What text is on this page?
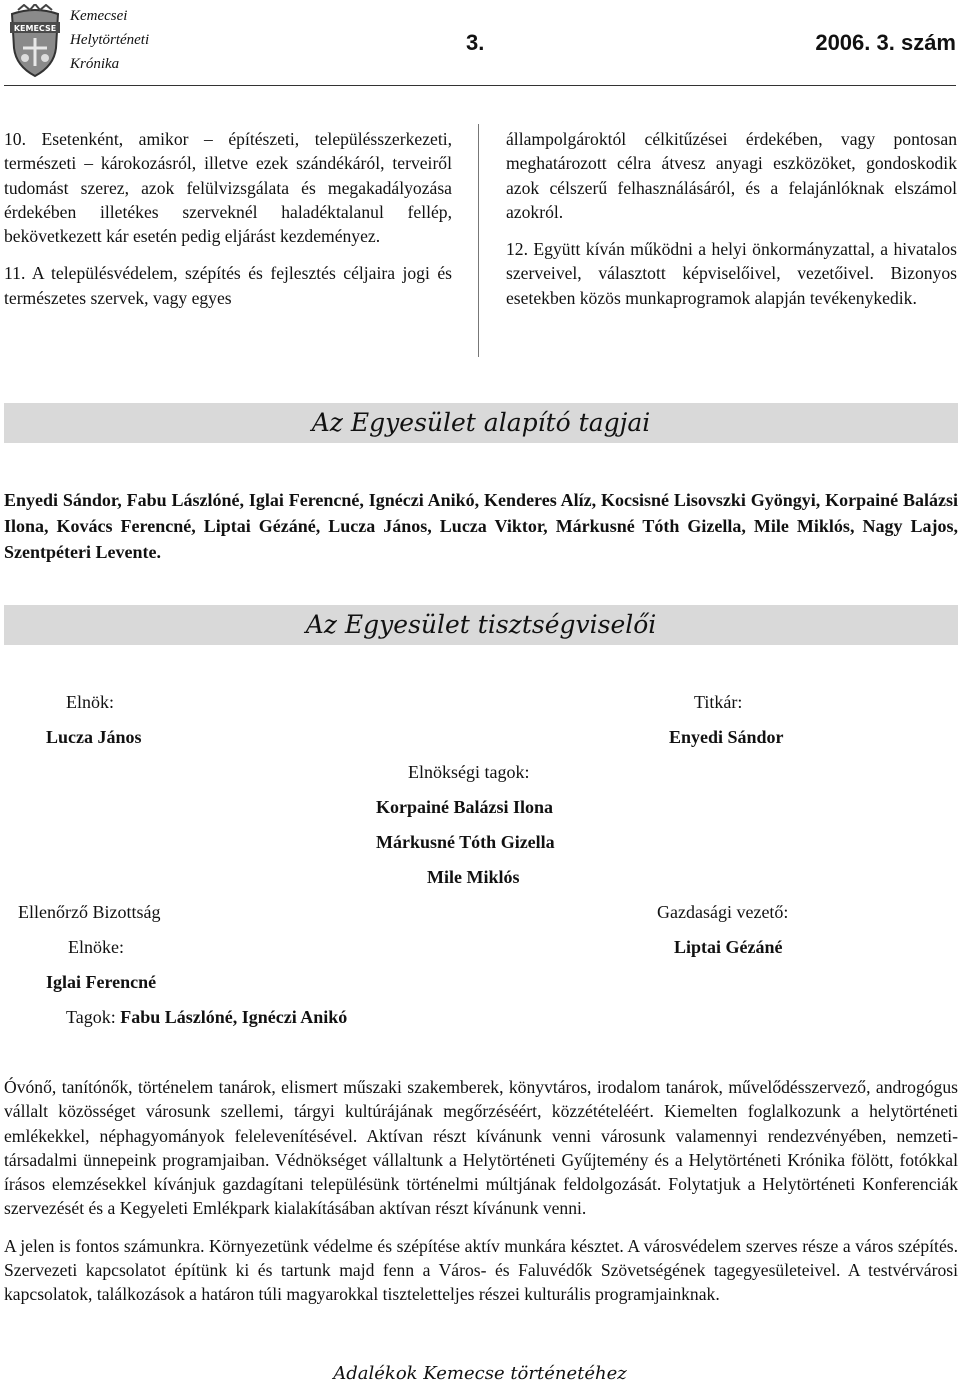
KEMECSE
Kemecsei
Helytörténeti
Krónika
3.	2006. 3. szám

10. Esetenként, amikor – építészeti, településszerkezeti, természeti – károkozásról, illetve ezek szándékáról, terveiről tudomást szerez, azok felülvizsgálata és megakadályozása érdekében illetékes szerveknél haladéktalanul fellép, bekövetkezett kár esetén pedig eljárást kezdeményez.

11. A településvédelem, szépítés és fejlesztés céljaira jogi és természetes szervek, vagy egyes

állampolgároktól célkitűzései érdekében, vagy pontosan meghatározott célra átvesz anyagi eszközöket, gondoskodik azok célszerű felhasználásáról, és a felajánlóknak elszámol azokról.

12. Együtt kíván működni a helyi önkormányzattal, a hivatalos szerveivel, választott képviselőivel, vezetőivel. Bizonyos esetekben közös munkaprogramok alapján tevékenykedik.

Az Egyesület alapító tagjai
Enyedi Sándor, Fabu Lászlóné, Iglai Ferencné, Ignéczi Anikó, Kenderes Alíz, Kocsisné Lisovszki Gyöngyi, Korpainé Balázsi Ilona, Kovács Ferencné, Liptai Gézáné, Lucza János, Lucza Viktor, Márkusné Tóth Gizella, Mile Miklós, Nagy Lajos, Szentpéteri Levente.
Az Egyesület tisztségviselői
Elnök:
Lucza János
Titkár:
Enyedi Sándor
Elnökségi tagok:
Korpainé Balázsi Ilona
Márkusné Tóth Gizella
Mile Miklós
Ellenőrző Bizottság
Elnöke:
Iglai Ferencné
Tagok: Fabu Lászlóné, Ignéczi Anikó
Gazdasági vezető:
Liptai Gézáné

Óvónő, tanítónők, történelem tanárok, elismert műszaki szakemberek, könyvtáros, irodalom tanárok, művelődésszervező, androgógus vállalt közösséget városunk szellemi, tárgyi kultúrájának megőrzéséért, közzétételéért. Kiemelten foglalkozunk a helytörténeti emlékekkel, néphagyományok felelevenítésével. Aktívan részt kívánunk venni városunk valamennyi rendezvényében, nemzeti- társadalmi ünnepeink programjaiban. Védnökséget vállaltunk a Helytörténeti Gyűjtemény és a Helytörténeti Krónika fölött, fotókkal írásos elemzésekkel kívánjuk gazdagítani településünk történelmi múltjának feldolgozását. Folytatjuk a Helytörténeti Konferenciák szervezését és a Kegyeleti Emlékpark kialakításában aktívan részt kívánunk venni.

A jelen is fontos számunkra. Környezetünk védelme és szépítése aktív munkára késztet. A városvédelem szerves része a város szépítés. Szervezeti kapcsolatot építünk ki és tartunk majd fenn a Város- és Faluvédők Szövetségének tagegyesületeivel. A testvérvárosi kapcsolatok, találkozások a határon túli magyarokkal tiszteletteljes részei kulturális programjainknak.

Adalékok Kemecse történetéhez
